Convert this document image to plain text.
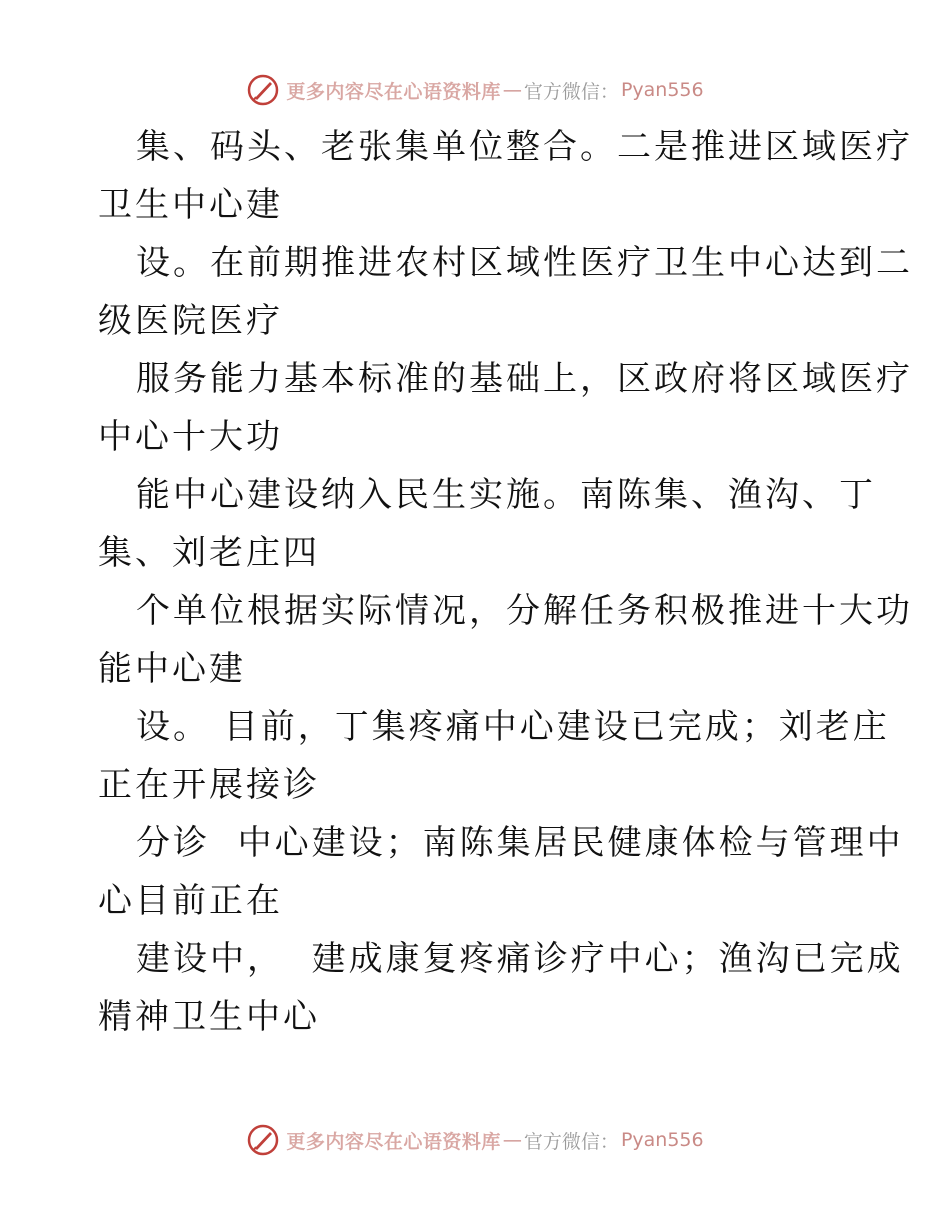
更多内容尽在心语资料库 — 官方微信： Pyan556

集、码头、老张集单位整合。二是推进区域医疗

卫生中心建

设。在前期推进农村区域性医疗卫生中心达到二

级医院医疗

服务能力基本标准的基础上，区政府将区域医疗

中心十大功

能中心建设纳入民生实施。南陈集、渔沟、丁

集、刘老庄四

个单位根据实际情况，分解任务积极推进十大功

能中心建

设。 目前，丁集疼痛中心建设已完成；刘老庄

正在开展接诊

分诊  中心建设；南陈集居民健康体检与管理中

心目前正在

建设中，  建成康复疼痛诊疗中心；渔沟已完成

精神卫生中心

更多内容尽在心语资料库 — 官方微信： Pyan556
